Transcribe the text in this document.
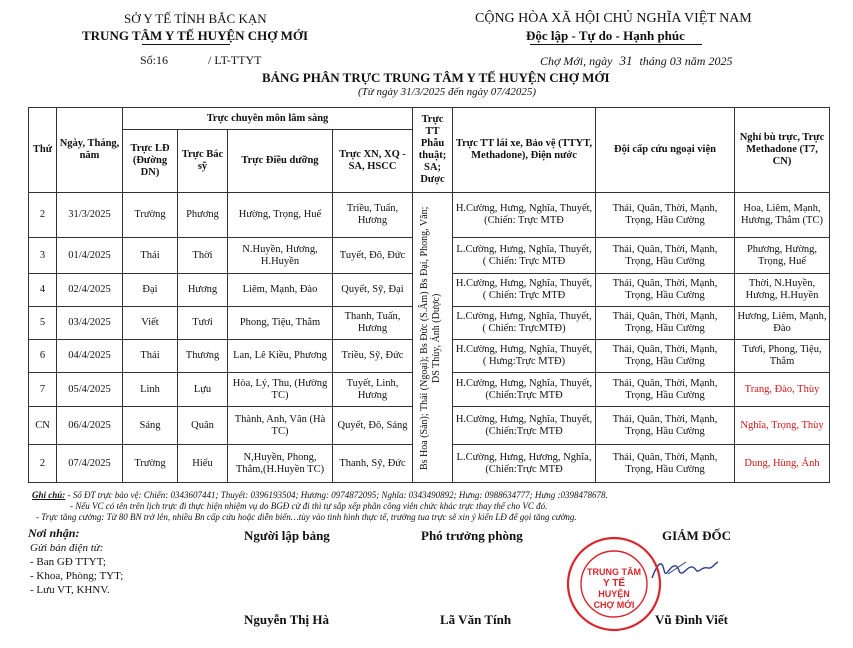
SỞ Y TẾ TỈNH BẮC KẠN
TRUNG TÂM Y TẾ HUYỆN CHỢ MỚI
Số:16	/ LT-TTYT
CỘNG HÒA XÃ HỘI CHỦ NGHĨA VIỆT NAM
Độc lập - Tự do - Hạnh phúc
Chợ Mới, ngày 31 tháng 03 năm 2025
BẢNG PHÂN TRỰC TRUNG TÂM Y TẾ HUYỆN CHỢ MỚI
(Từ ngày 31/3/2025 đến ngày 07/42025)
Thứ	Ngày, Tháng, năm	Trực chuyên môn lâm sàng				Trực TT Phẫu thuật; SA; Dược	Trực TT lái xe, Bảo vệ (TTYT, Methadone), Điện nước	Đội cấp cứu ngoại viện	Nghỉ bù trực, Trực Methadone (T7, CN)
		Trực LĐ (Đường DN)	Trực Bác sỹ	Trực Điều dưỡng	Trực XN, XQ - SA, HSCC				
2	31/3/2025	Trường	Phương	Hường, Trọng, Huế	Triều, Tuấn, Hương	Bs Hoa (Sản); Thái (Ngoại); Bs Đức (S.Âm) Bs Đại, Phong, Vân; DS Thùy, Ánh (Dược)	H.Cường, Hưng, Nghĩa, Thuyết,(Chiến: Trực MTĐ	Thái, Quân, Thời, Mạnh, Trọng, Hầu Cường	Hoa, Liêm, Mạnh, Hương, Thắm (TC)
3	01/4/2025	Thái	Thời	N.Huyền, Hương, H.Huyền	Tuyết, Đô, Đức		L.Cường, Hưng, Nghĩa, Thuyết, ( Chiến: Trực MTĐ	Thái, Quân, Thời, Mạnh, Trọng, Hầu Cường	Phương, Hường, Trọng, Huế
4	02/4/2025	Đại	Hương	Liêm, Mạnh, Đào	Quyết, Sỹ, Đại		H.Cường, Hưng, Nghĩa, Thuyết,( Chiến: Trực MTĐ	Thái, Quân, Thời, Mạnh, Trọng, Hầu Cường	Thời, N.Huyền, Hương, H.Huyền
5	03/4/2025	Viết	Tươi	Phong, Tiệu, Thắm	Thanh, Tuấn, Hương		L.Cường, Hưng, Nghĩa, Thuyết,( Chiến: TrựcMTĐ)	Thái, Quân, Thời, Mạnh, Trọng, Hầu Cường	Hương, Liêm, Mạnh, Đào
6	04/4/2025	Thái	Thương	Lan, Lê Kiều, Phương	Triều, Sỹ, Đức		H.Cường, Hưng, Nghĩa, Thuyết,( Hưng:Trực MTĐ)	Thái, Quân, Thời, Mạnh, Trọng, Hầu Cường	Tươi, Phong, Tiệu, Thắm
7	05/4/2025	Linh	Lựu	Hòa, Lý, Thu, (Hường TC)	Tuyết, Linh, Hương		H.Cường, Hưng, Nghĩa, Thuyết,(Chiến:Trực MTĐ	Thái, Quân, Thời, Mạnh, Trọng, Hầu Cường	Trang, Đào, Thùy
CN	06/4/2025	Sáng	Quân	Thành, Anh, Vân (Hà TC)	Quyết, Đô, Sáng		H.Cường, Hưng, Nghĩa, Thuyết,(Chiến:Trực MTĐ	Thái, Quân, Thời, Mạnh, Trọng, Hầu Cường	Nghĩa, Trọng, Thùy
2	07/4/2025	Trường	Hiếu	N,Huyền, Phong, Thắm,(H.Huyền TC)	Thanh, Sỹ, Đức		L.Cường, Hưng, Hương, Nghĩa,(Chiến:Trực MTĐ	Thái, Quân, Thời, Mạnh, Trọng, Hầu Cường	Dung, Hùng, Ánh
Ghi chú: - Số ĐT trực bảo vệ: Chiến: 0343607441; Thuyết: 0396193504; Hương: 0974872095; Nghĩa: 0343490892; Hưng: 0988634777; Hưng :0398478678.
- Nếu VC có tên trên lịch trực đi thực hiện nhiệm vụ do BGĐ cử đi thì tự sắp xếp phân công viên chức khác trực thay thế cho VC đó.
- Trực tăng cường: Từ 80 BN trở lên, nhiều Bn cấp cứu hoặc diễn biến…tùy vào tình hình thực tế, trưởng tua trực sẽ xin ý kiến LĐ để gọi tăng cường.
Nơi nhận:
Gửi bản điện tử:
- Ban GĐ TTYT;
- Khoa, Phòng; TYT;
- Lưu VT, KHNV.
Người lập bảng	Phó trưởng phòng	GIÁM ĐỐC
Nguyễn Thị Hà	Lã Văn Tính	Vũ Đình Viết
TRUNG TÂM
Y TẾ
HUYỆN
CHỢ MỚI
